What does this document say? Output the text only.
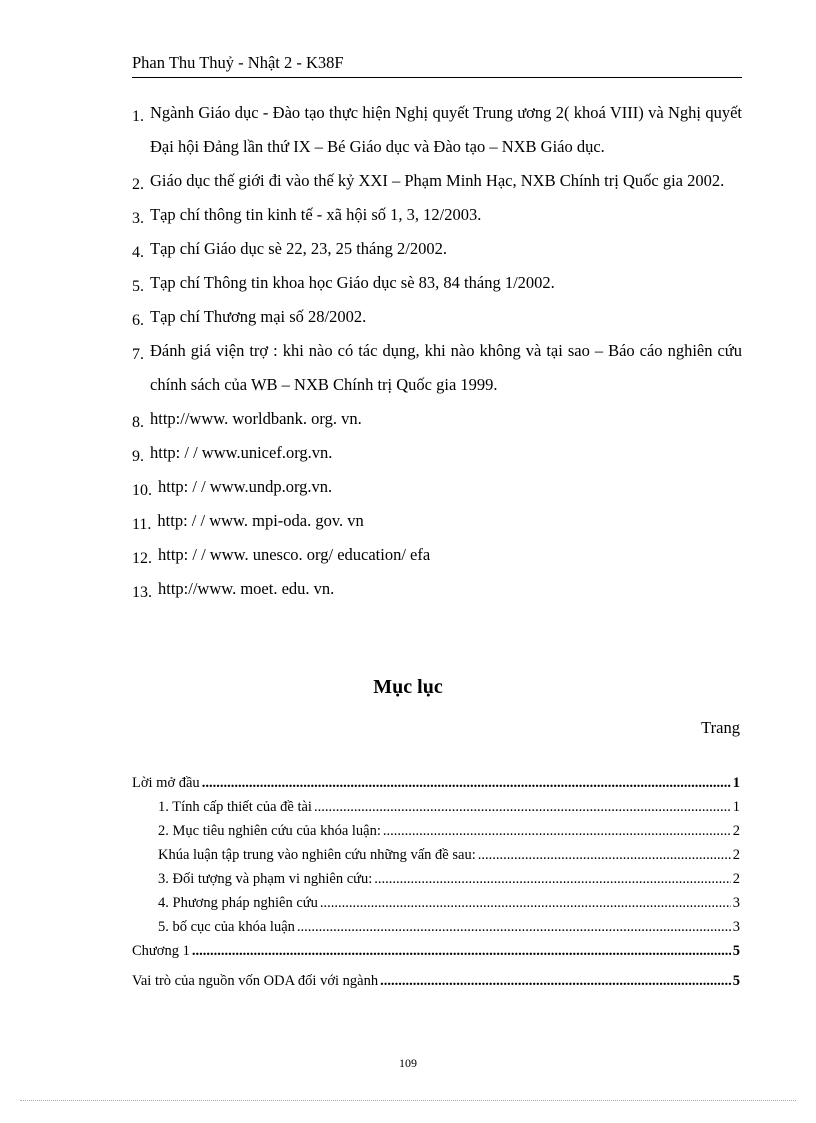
Phan Thu Thuỷ - Nhật 2 - K38F
1. Ngành Giáo dục - Đào tạo thực hiện Nghị quyết Trung ương 2( khoá VIII) và Nghị quyết Đại hội Đảng lần thứ IX – Bé Giáo dục và Đào tạo – NXB Giáo dục.
2. Giáo dục thế giới đi vào thế kỷ XXI – Phạm Minh Hạc, NXB Chính trị Quốc gia 2002.
3. Tạp chí thông tin kinh tế - xã hội số 1, 3, 12/2003.
4. Tạp chí Giáo dục sè 22, 23, 25 tháng 2/2002.
5. Tạp chí Thông tin khoa học Giáo dục sè 83, 84 tháng 1/2002.
6. Tạp chí Thương mại số 28/2002.
7. Đánh giá viện trợ : khi nào có tác dụng, khi nào không và tại sao – Báo cáo nghiên cứu chính sách của WB – NXB Chính trị Quốc gia 1999.
8. http://www. worldbank. org. vn.
9. http: / / www.unicef.org.vn.
10. http: / / www.undp.org.vn.
11. http: / / www. mpi-oda. gov. vn
12. http: / / www. unesco. org/ education/ efa
13. http://www. moet. edu. vn.
Mục lục
Trang
Lời mở đầu .....	1
1. Tính cấp thiết của đề tài .....	1
2. Mục tiêu nghiên cứu của khóa luận: .....	2
Khúa luận tập trung vào nghiên cứu những vấn đề sau: .....	2
3. Đối tượng và phạm vi nghiên cứu: .....	2
4. Phương pháp nghiên cứu .....	3
5. bố cục của khóa luận .....	3
Chương 1 .....	5
Vai trò của nguồn vốn ODA đối với ngành .....	5
109
